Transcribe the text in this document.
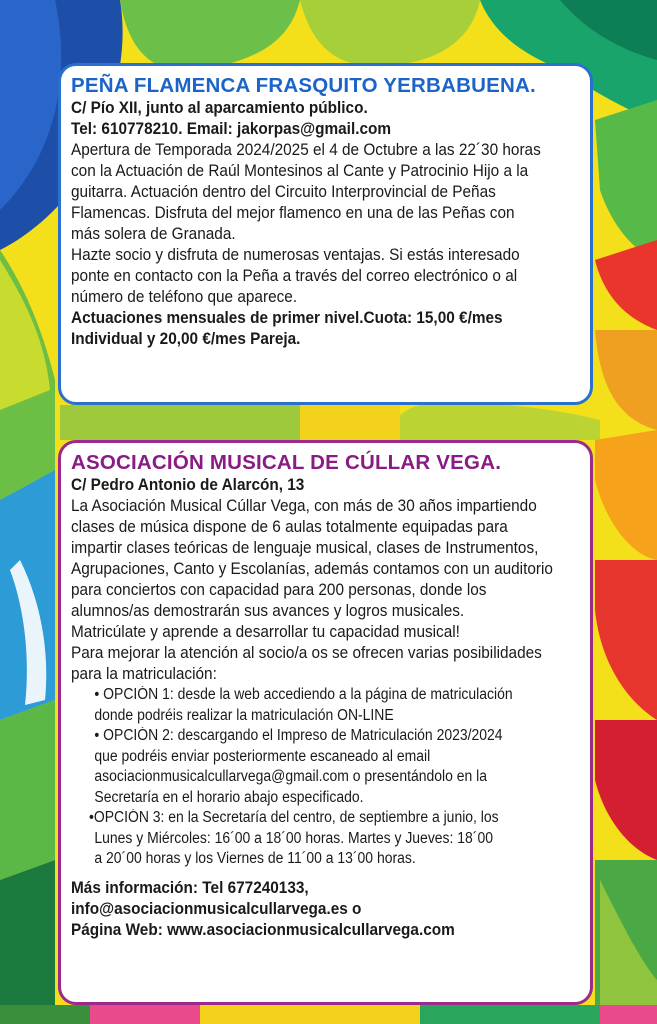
PEÑA FLAMENCA FRASQUITO YERBABUENA.
C/ Pío XII, junto al aparcamiento público.
Tel: 610778210. Email: jakorpas@gmail.com
Apertura de Temporada 2024/2025 el 4 de Octubre a las 22´30 horas
con la Actuación de Raúl Montesinos al Cante y Patrocinio Hijo a la
guitarra. Actuación dentro del Circuito Interprovincial de Peñas
Flamencas. Disfruta del mejor flamenco en una de las Peñas con
más solera de Granada.
Hazte socio y disfruta de numerosas ventajas. Si estás interesado
ponte en contacto con la Peña a través del correo electrónico o al
número de teléfono que aparece.
Actuaciones mensuales de primer nivel.Cuota: 15,00 €/mes
Individual y 20,00 €/mes Pareja.
ASOCIACIÓN MUSICAL DE CÚLLAR VEGA.
C/ Pedro Antonio de Alarcón, 13
La Asociación Musical Cúllar Vega, con más de 30 años impartiendo
clases de música dispone de 6 aulas totalmente equipadas para
impartir clases teóricas de lenguaje musical, clases de Instrumentos,
Agrupaciones, Canto y Escolanías, además contamos con un auditorio
para conciertos con capacidad para 200 personas, donde los
alumnos/as demostrarán sus avances y logros musicales.
Matricúlate y aprende a desarrollar tu capacidad musical!
Para mejorar la atención al socio/a os se ofrecen varias posibilidades
para la matriculación:
• OPCIÓN 1: desde la web accediendo a la página de matriculación
donde podréis realizar la matriculación ON-LINE
• OPCIÓN 2: descargando el Impreso de Matriculación 2023/2024
que podréis enviar posteriormente escaneado al email
asociacionmusicalcullarvega@gmail.com o presentándolo en la
Secretaría en el horario abajo especificado.
•OPCIÓN 3: en la Secretaría del centro, de septiembre a junio, los
Lunes y Miércoles: 16´00 a 18´00 horas. Martes y Jueves: 18´00
a 20´00 horas y los Viernes de 11´00 a 13´00 horas.
Más información: Tel 677240133,
info@asociacionmusicalcullarvega.es o
Página Web: www.asociacionmusicalcullarvega.com
